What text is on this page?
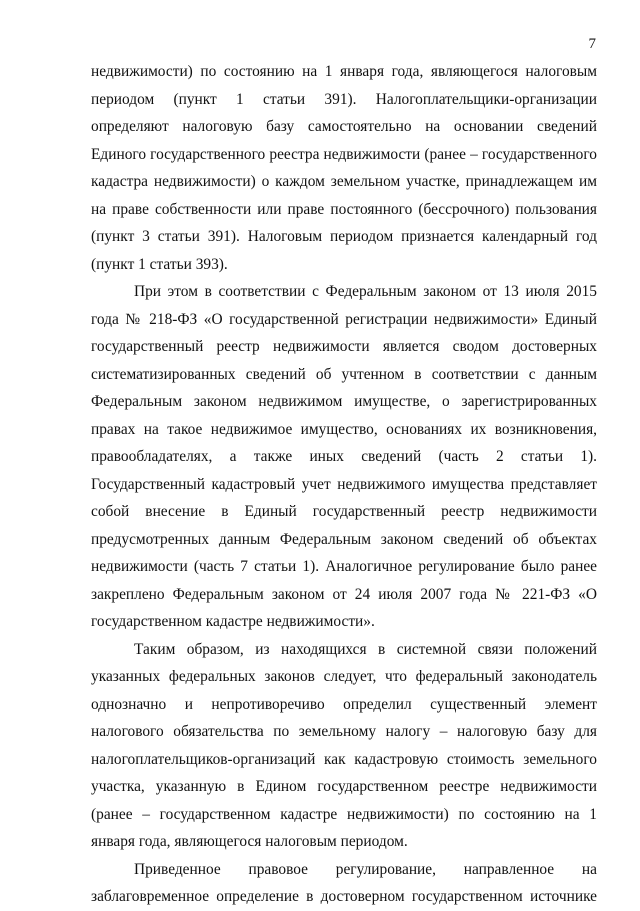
7

недвижимости) по состоянию на 1 января года, являющегося налоговым периодом (пункт 1 статьи 391). Налогоплательщики-организации определяют налоговую базу самостоятельно на основании сведений Единого государственного реестра недвижимости (ранее – государственного кадастра недвижимости) о каждом земельном участке, принадлежащем им на праве собственности или праве постоянного (бессрочного) пользования (пункт 3 статьи 391). Налоговым периодом признается календарный год (пункт 1 статьи 393).

При этом в соответствии с Федеральным законом от 13 июля 2015 года № 218-ФЗ «О государственной регистрации недвижимости» Единый государственный реестр недвижимости является сводом достоверных систематизированных сведений об учтенном в соответствии с данным Федеральным законом недвижимом имуществе, о зарегистрированных правах на такое недвижимое имущество, основаниях их возникновения, правообладателях, а также иных сведений (часть 2 статьи 1). Государственный кадастровый учет недвижимого имущества представляет собой внесение в Единый государственный реестр недвижимости предусмотренных данным Федеральным законом сведений об объектах недвижимости (часть 7 статьи 1). Аналогичное регулирование было ранее закреплено Федеральным законом от 24 июля 2007 года № 221-ФЗ «О государственном кадастре недвижимости».

Таким образом, из находящихся в системной связи положений указанных федеральных законов следует, что федеральный законодатель однозначно и непротиворечиво определил существенный элемент налогового обязательства по земельному налогу – налоговую базу для налогоплательщиков-организаций как кадастровую стоимость земельного участка, указанную в Едином государственном реестре недвижимости (ранее – государственном кадастре недвижимости) по состоянию на 1 января года, являющегося налоговым периодом.

Приведенное правовое регулирование, направленное на заблаговременное определение в достоверном государственном источнике
